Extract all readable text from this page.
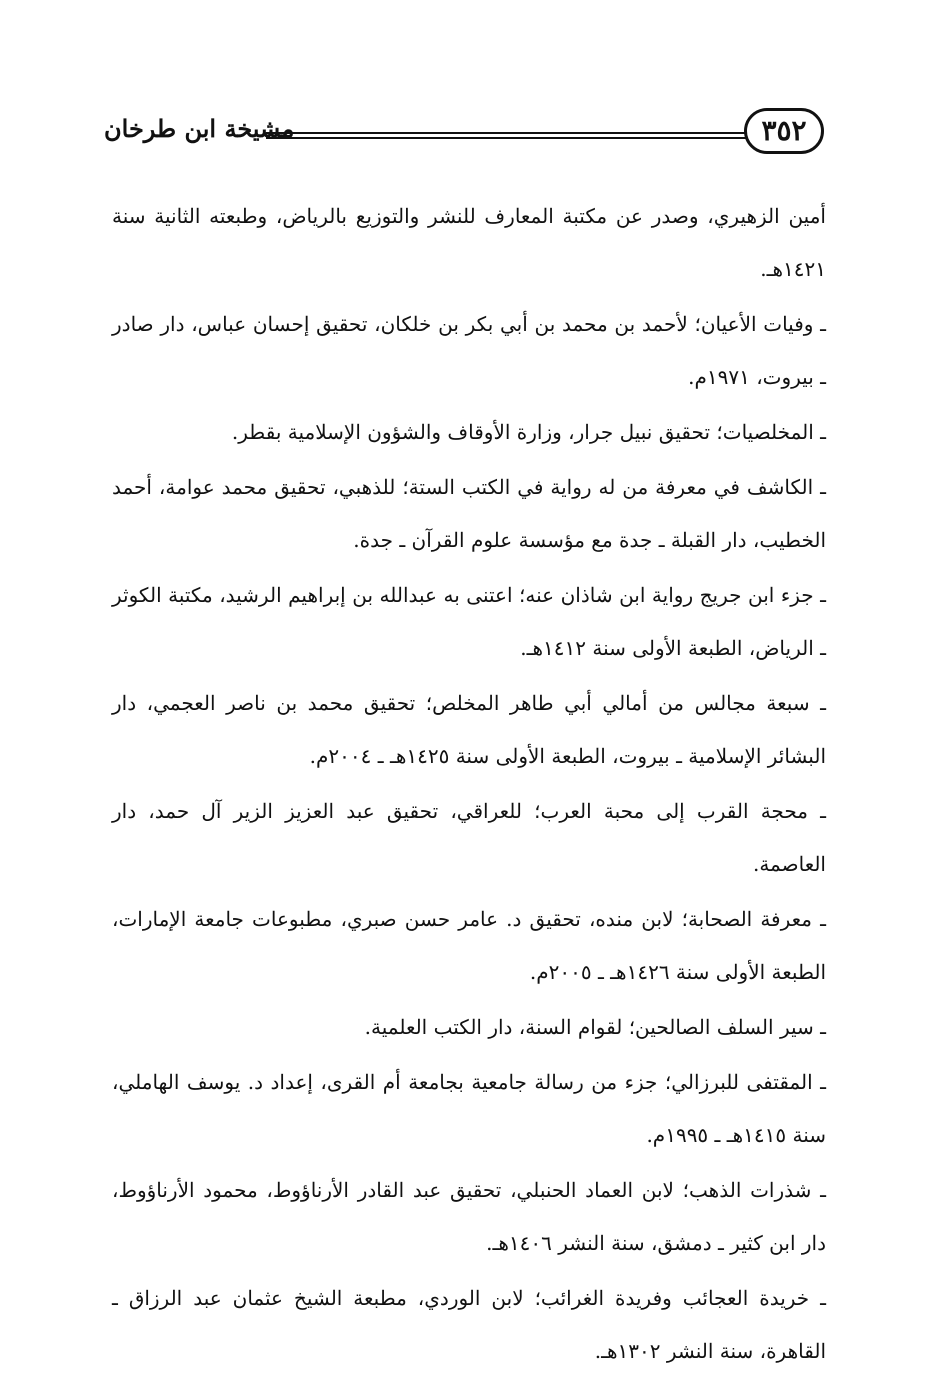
مشيخة ابن طرخان	٣٥٢

أمين الزهيري، وصدر عن مكتبة المعارف للنشر والتوزيع بالرياض، وطبعته الثانية سنة ١٤٢١هـ.

ـ وفيات الأعيان؛ لأحمد بن محمد بن أبي بكر بن خلكان، تحقيق إحسان عباس، دار صادر ـ بيروت، ١٩٧١م.

ـ المخلصيات؛ تحقيق نبيل جرار، وزارة الأوقاف والشؤون الإسلامية بقطر.

ـ الكاشف في معرفة من له رواية في الكتب الستة؛ للذهبي، تحقيق محمد عوامة، أحمد الخطيب، دار القبلة ـ جدة مع مؤسسة علوم القرآن ـ جدة.

ـ جزء ابن جريج رواية ابن شاذان عنه؛ اعتنى به عبدالله بن إبراهيم الرشيد، مكتبة الكوثر ـ الرياض، الطبعة الأولى سنة ١٤١٢هـ.

ـ سبعة مجالس من أمالي أبي طاهر المخلص؛ تحقيق محمد بن ناصر العجمي، دار البشائر الإسلامية ـ بيروت، الطبعة الأولى سنة ١٤٢٥هـ ـ ٢٠٠٤م.

ـ محجة القرب إلى محبة العرب؛ للعراقي، تحقيق عبد العزيز الزير آل حمد، دار العاصمة.

ـ معرفة الصحابة؛ لابن منده، تحقيق د. عامر حسن صبري، مطبوعات جامعة الإمارات، الطبعة الأولى سنة ١٤٢٦هـ ـ ٢٠٠٥م.

ـ سير السلف الصالحين؛ لقوام السنة، دار الكتب العلمية.

ـ المقتفى للبرزالي؛ جزء من رسالة جامعية بجامعة أم القرى، إعداد د. يوسف الهاملي، سنة ١٤١٥هـ ـ ١٩٩٥م.

ـ شذرات الذهب؛ لابن العماد الحنبلي، تحقيق عبد القادر الأرناؤوط، محمود الأرناؤوط، دار ابن كثير ـ دمشق، سنة النشر ١٤٠٦هـ.

ـ خريدة العجائب وفريدة الغرائب؛ لابن الوردي، مطبعة الشيخ عثمان عبد الرزاق ـ القاهرة، سنة النشر ١٣٠٢هـ.
